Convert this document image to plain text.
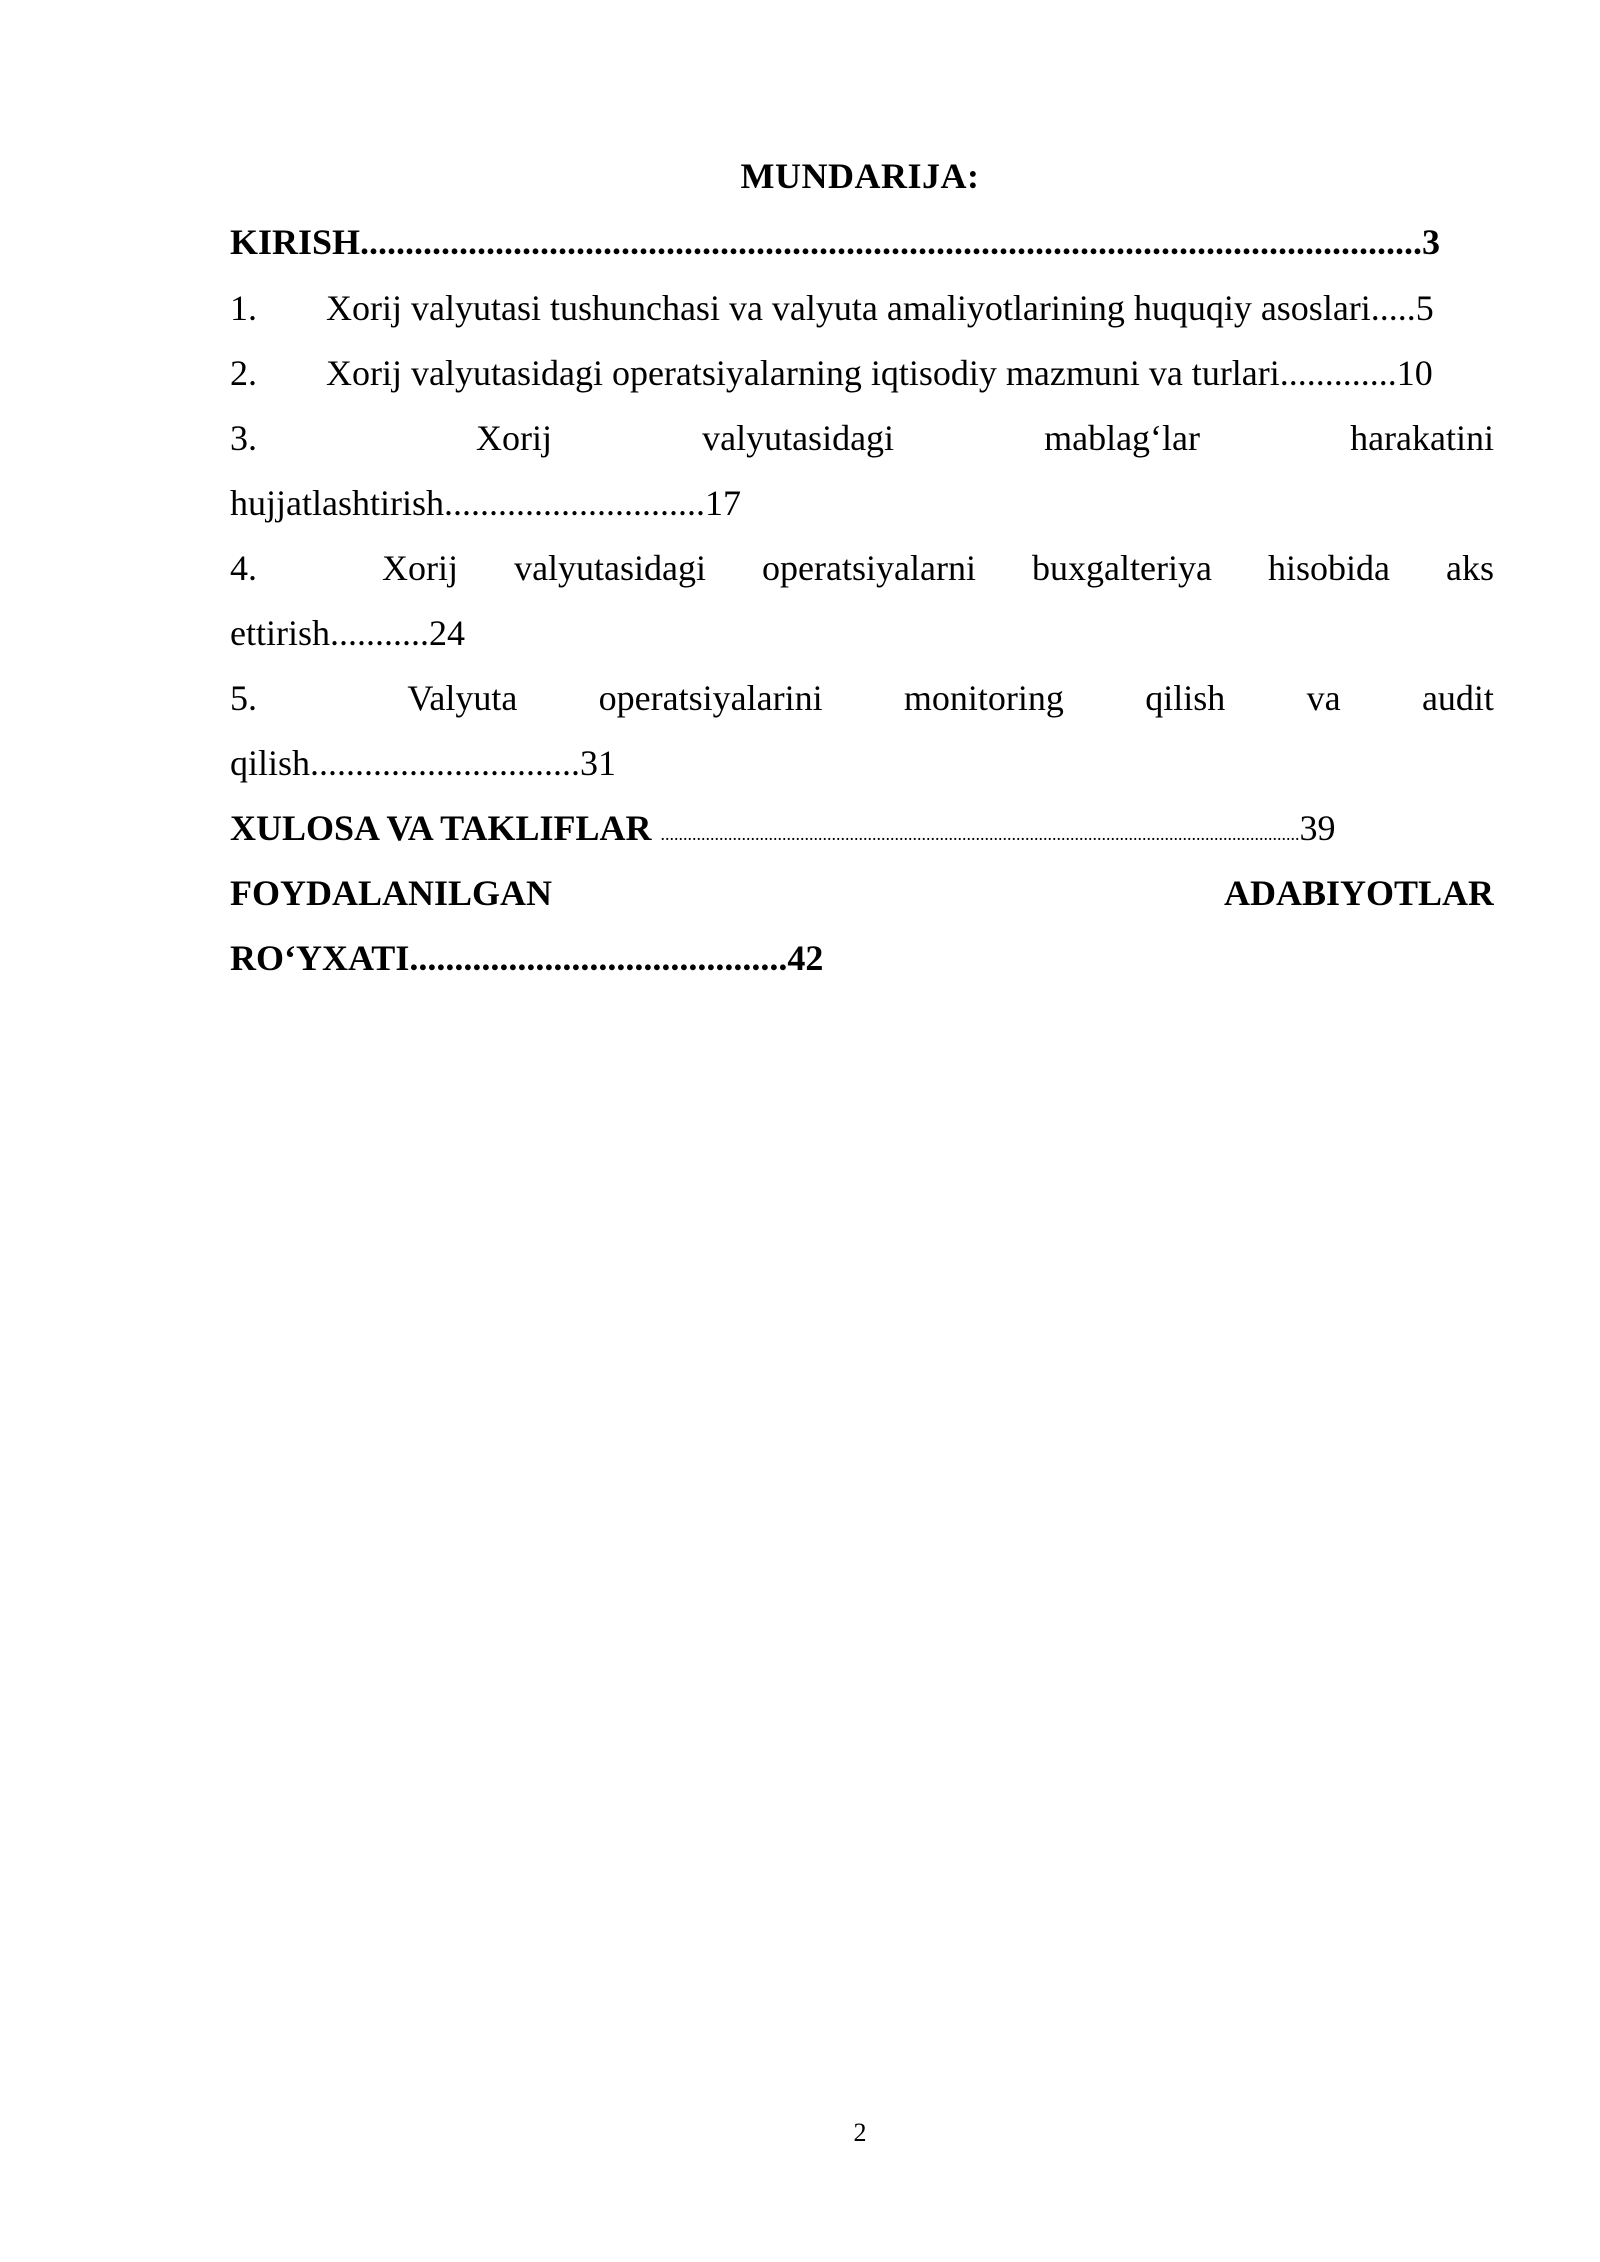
MUNDARIJA:
KIRISH......................................................................................................................3
1. Xorij valyutasi tushunchasi va valyuta amaliyotlarining huquqiy asoslari.....5
2. Xorij valyutasidagi operatsiyalarning iqtisodiy mazmuni va turlari.............10
3.	Xorij	valyutasidagi	mablag‘lar	harakatini
hujjatlashtirish.............................17
4.	Xorij valyutasidagi operatsiyalarni buxgalteriya hisobida aks
ettirish...........24
5.	Valyuta operatsiyalarini monitoring qilish va audit
qilish..............................31
XULOSA VA TAKLIFLAR ..............................................................................................................................................39
FOYDALANILGAN	ADABIYOTLAR
RO‘YXATI..........................................42
2
